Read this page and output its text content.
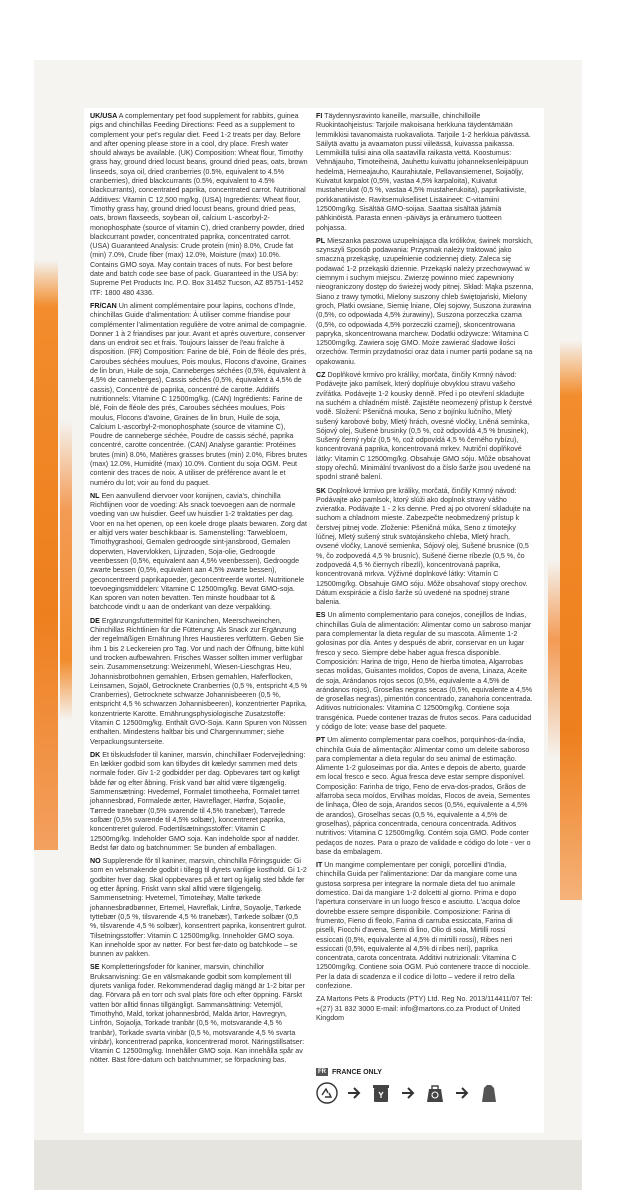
UK/USA A complementary pet food supplement for rabbits, guinea pigs and chinchillas Feeding Directions: Feed as a supplement to complement your pet's regular diet. Feed 1-2 treats per day. Before and after opening please store in a cool, dry place. Fresh water should always be available. (UK) Composition: Wheat flour, Timothy grass hay, ground dried locust beans, ground dried peas, oats, brown linseeds, soya oil, dried cranberries (0.5%, equivalent to 4.5% cranberries), dried blackcurrants (0.5%, equivalent to 4.5% blackcurrants), concentrated paprika, concentrated carrot. Nutritional Additives: Vitamin C 12,500 mg/kg. (USA) Ingredients: Wheat flour, Timothy grass hay, ground dried locust beans, ground dried peas, oats, brown flaxseeds, soybean oil, calcium L-ascorbyl-2-monophosphate (source of vitamin C), dried cranberry powder, dried blackcurrant powder, concentrated paprika, concentrated carrot. (USA) Guaranteed Analysis: Crude protein (min) 8.0%, Crude fat (min) 7.0%, Crude fiber (max) 12.0%, Moisture (max) 10.0%. Contains GMO soya. May contain traces of nuts. For best before date and batch code see base of pack. Guaranteed in the USA by: Supreme Pet Products Inc. P.O. Box 31452 Tucson, AZ 85751-1452 ITF: 1800 480 4336.

FR/CAN Un aliment complémentaire pour lapins, cochons d'Inde, chinchillas Guide d'alimentation: À utiliser comme friandise pour complémenter l'alimentation regulière de votre animal de compagnie. Donner 1 à 2 friandises par jour. Avant et après ouverture, conserver dans un endroit sec et frais. Toujours laisser de l'eau fraîche à disposition. (FR) Composition: Farine de blé, Foin de fléole des prés, Caroubes séchées moulues, Pois moulus, Flocons d'avoine, Graines de lin brun, Huile de soja, Canneberges séchées (0,5%, équivalent à 4,5% de canneberges), Cassis séchés (0,5%, équivalent à 4,5% de cassis), Concentré de paprika, concentré de carotte. Additifs nutritionnels: Vitamine C 12500mg/kg. (CAN) Ingrédients: Farine de blé, Foin de fléole des prés, Caroubes séchées moulues, Pois moulus, Flocons d'avoine, Graines de lin brun, Huile de soja, Calcium L-ascorbyl-2-monophosphate (source de vitamine C), Poudre de canneberge séchée, Poudre de cassis séché, paprika concentré, carotte concentrée. (CAN) Analyse garantie: Protéines brutes (min) 8.0%, Matières grasses brutes (min) 2.0%, Fibres brutes (max) 12.0%, Humidité (max) 10.0%. Contient du soja OGM. Peut contenir des traces de noix. A utiliser de préférence avant le et numéro du lot; voir au fond du paquet.

NL Een aanvullend diervoer voor konijnen, cavia's, chinchilla Richtlijnen voor de voeding: Als snack toevoegen aan de normale voeding van uw huisdier. Geef uw huisdier 1-2 traktaties per dag. Voor en na het openen, op een koele droge plaats bewaren. Zorg dat er altijd vers water beschikbaar is. Samenstelling: Tarwebloem, Timothygrashooi, Gemalen gedroogde sint-jansbrood, Gemalen doperwten, Havervlokken, Lijnzaden, Soja-olie, Gedroogde veenbessen (0,5%, equivalent aan 4,5% veenbessen), Gedroogde zwarte bessen (0,5%, equivalent aan 4,5% zwarte bessen), geconcentreerd paprikapoeder, geconcentreerde wortel. Nutritionele toevoegingsmiddelen: Vitamine C 12500mg/kg. Bevat GMO-soja. Kan sporen van noten bevatten. Ten minste houdbaar tot & batchcode vindt u aan de onderkant van deze verpakking.

DE Ergänzungsfuttermittel für Kaninchen, Meerschweinchen, Chinchillas Richtlinien für die Fütterung: Als Snack zur Ergänzung der regelmäßigen Ernährung Ihres Haustieres verfüttern. Geben Sie ihm 1 bis 2 Leckereien pro Tag. Vor und nach der Öffnung, bitte kühl und trocken aufbewahren. Frisches Wasser sollten immer verfügbar sein. Zusammensetzung: Weizenmehl, Wiesen-Lieschgras Heu, Johannisbrotbohnen gemahlen, Erbsen gemahlen, Haferflocken, Leinsamen, Sojaöl, Getrocknete Cranberries (0,5 %, entspricht 4,5 % Cranberries), Getrocknete schwarze Johannisbeeren (0,5 %, entspricht 4,5 % schwarzen Johannisbeeren), konzentrierter Paprika, konzentrierte Karotte. Ernährungsphysiologische Zusatzstoffe: Vitamin C 12500mg/kg. Enthält GVO-Soja. Kann Spuren von Nüssen enthalten. Mindestens haltbar bis und Chargennummer; siehe Verpackungsunterseite.

DK Et tilskudsfoder til kaniner, marsvin, chinchillaer Fodervejledning: En lækker godbid som kan tilbydes dit kæledyr sammen med dets normale foder. Giv 1-2 godbidder per dag. Opbevares tørt og køligt både før og efter åbning. Frisk vand bør altid være tilgængelig. Sammensætning: Hvedemel, Formalet timotheeha, Formalet tørret johannesbrød, Formalede ærter, Havreflager, Hørfrø, Sojaolie, Tørrede tranebær (0,5% svarende til 4,5% tranebær), Tørrede solbær (0,5% svarende til 4,5% solbær), koncentreret paprika, koncentreret gulerod. Fodertilsætningsstoffer: Vitamin C 12500mg/kg. Indeholder GMO soja. Kan indeholde spor af nødder. Bedst før dato og batchnummer: Se bunden af emballagen.

NO Supplerende fôr til kaniner, marsvin, chinchilla Fôringsguide: Gi som en velsmakende godbit i tillegg til dyrets vanlige kosthold. Gi 1-2 godbiter hver dag. Skal oppbevares på et tørt og kjølig sted både før og etter åpning. Friskt vann skal alltid være tilgjengelig. Sammensetning: Hvetemel, Timoteihøy, Malte tørkede johannesbrødbønner, Ertemel, Havreflak, Linfrø, Soyaolje, Tørkede tyttebær (0,5 %, tilsvarende 4,5 % tranebær), Tørkede solbær (0,5 %, tilsvarende 4,5 % solbær), konsentrert paprika, konsentrert gulrot. Tilsetningsstoffer: Vitamin C 12500mg/kg. Inneholder GMO soya. Kan inneholde spor av nøtter. For best før-dato og batchkode – se bunnen av pakken.

SE Kompletteringsfoder för kaniner, marsvin, chinchillor Bruksanvisning: Ge en välsmakande godbit som komplement till djurets vanliga foder. Rekommenderad daglig mängd är 1-2 bitar per dag. Förvara på en torr och sval plats före och efter öppning. Färskt vatten bör alltid finnas tillgängligt. Sammansättning: Vetemjöl, Timothyhö, Mald, torkat johannesbröd, Malda ärtor, Havregryn, Linfrön, Sojaolja, Torkade tranbär (0,5 %, motsvarande 4,5 % tranbär), Torkade svarta vinbär (0,5 %, motsvarande 4,5 % svarta vinbär), koncentrerad paprika, koncentrerad morot. Näringstillsatser: Vitamin C 12500mg/kg. Innehåller GMO soja. Kan innehålla spår av nötter. Bäst före-datum och batchnummer; se förpackning bas.

FI Täydennysravinto kaneille, marsuille, chinchilloille Ruokintaohjeistus: Tarjoile makoisana herkkuna täydentämään lemmikkisi tavanomaista ruokavaliota. Tarjoile 1-2 herkkua päivässä. Säilytä avattu ja avaamaton pussi viileässä, kuivassa paikassa. Lemmikillä tulisi aina olla saatavilla raikasta vettä. Koostumus: Vehnäjauho, Timoteiheinä, Jauhettu kuivattu johanneksenleipäpuun hedelmä, Herneajauho, Kaurahiutale, Pellavansiemenet, Soijaöljy, Kuivatut karpalot (0,5%, vastaa 4,5% karpaloita), Kuivatut mustaherukat (0,5 %, vastaa 4,5% mustaherukoita), paprikatiiviste, porkkanatiiviste. Ravitsemukselliset Lisäaineet: C-vitamiini 12500mg/kg. Sisältää GMO-soijaa. Saattaa sisältää jäämiä pähkinöistä. Parasta ennen -päiväys ja eränumero tuotteen pohjassa.

PL Mieszanka paszowa uzupełniająca dla królików, świnek morskich, szynszyli Sposób podawania: Przysmak należy traktować jako smaczną przekąskę, uzupełnienie codziennej diety. Zaleca się podawać 1-2 przekąski dziennie. Przekąski należy przechowywać w ciemnym i suchym miejscu. Zwierzę powinno mieć zapewniony nieograniczony dostęp do świeżej wody pitnej. Skład: Mąka pszenna, Siano z trawy tymotki, Mielony suszony chleb świętojański, Mielony groch, Płatki owsiane, Siemię lniane, Olej sojowy, Suszona żurawina (0,5%, co odpowiada 4,5% żurawiny), Suszona porzeczka czarna (0,5%, co odpowiada 4,5% porzeczki czarnej), skoncentrowana papryka, skoncentrowana marchew. Dodatki odżywcze: Witamina C 12500mg/kg. Zawiera soję GMO. Może zawierać śladowe ilości orzechów. Termin przydatności oraz data i numer partii podane są na opakowaniu.

CZ Doplňkové krmivo pro králíky, morčata, činčily Krmný návod: Podávejte jako pamlsek, který doplňuje obvyklou stravu vašeho zvířátka. Podávejte 1-2 kousky denně. Před i po otevření skladujte na suchém a chladném místě. Zajistěte neomezený přístup k čerstvé vodě. Složení: Pšeničná mouka, Seno z bojínku lučního, Mletý sušený karobové boby, Mletý hrách, ovesné vločky, Lněná semínka, Sójový olej, Sušené brusinky (0,5 %, což odpovídá 4,5 % brusinek), Sušený černý rybíz (0,5 %, což odpovídá 4,5 % černého rybízu), koncentrovaná paprika, koncentrovaná mrkev. Nutriční doplňkové látky: Vitamin C 12500mg/kg. Obsahuje GMO sóju. Může obsahovat stopy ořechů. Minimální trvanlivost do a číslo šarže jsou uvedené na spodní straně balení.

SK Doplnkové krmivo pre králiky, morčatá, činčily Krmný návod: Podávajte ako pamlsok, ktorý slúži ako doplnok stravy vášho zvieratka. Podávajte 1 - 2 ks denne. Pred aj po otvorení skladujte na suchom a chladnom mieste. Zabezpečte neobmedzený prístup k čerstvej pitnej vode. Zloženie: Pšeničná múka, Seno z timotejky lúčnej, Mletý sušený struk svätojánskeho chleba, Mletý hrach, ovsené vločky, Lanové semienka, Sójový olej, Sušené brusnice (0,5 %, čo zodpovedá 4,5 % brusníc), Sušené čierne ríbezle (0,5 %, čo zodpovedá 4,5 % čiernych ríbezlí), koncentrovaná paprika, koncentrovaná mrkva. Výživné doplnkové látky: Vitamín C 12500mg/kg. Obsahuje GMO sóju. Môže obsahovať stopy orechov. Dátum exspirácie a číslo šarže sú uvedené na spodnej strane balenia.

ES Un alimento complementario para conejos, conejillos de Indias, chinchillas Guía de alimentación: Alimentar como un sabroso manjar para complementar la dieta regular de su mascota. Alimente 1-2 golosinas por día. Antes y después de abrir, conservar en un lugar fresco y seco. Siempre debe haber agua fresca disponible. Composición: Harina de trigo, Heno de hierba timotea, Algarrobas secas molidas, Guisantes molidos, Copos de avena, Linaza, Aceite de soja, Arándanos rojos secos (0,5%, equivalente a 4,5% de arándanos rojos), Grosellas negras secas (0,5%, equivalente a 4,5% de grosellas negras), pimentón concentrado, zanahoria concentrada. Aditivos nutricionales: Vitamina C 12500mg/kg. Contiene soja transgénica. Puede contener trazas de frutos secos. Para caducidad y código de lote: vease base del paquete.

PT Um alimento complementar para coelhos, porquinhos-da-índia, chinchila Guia de alimentação: Alimentar como um deleite saboroso para complementar a dieta regular do seu animal de estimação. Alimente 1-2 guloseimas por dia. Antes e depois de aberto, guarde em local fresco e seco. Água fresca deve estar sempre disponível. Composição: Farinha de trigo, Feno de erva-dos-prados, Grãos de alfarroba seca moídos, Ervilhas moídas, Flocos de aveia, Sementes de linhaça, Óleo de soja, Arandos secos (0,5%, equivalente a 4,5% de arandos), Groselhas secas (0,5 %, equivalente a 4,5% de groselhas), páprica concentrada, cenoura concentrada. Aditivos nutritivos: Vitamina C 12500mg/kg. Contém soja GMO. Pode conter pedaços de nozes. Para o prazo de validade e código do lote - ver o base da embalagem.

IT Un mangime complementare per conigli, porcellini d'India, chinchilla Guida per l'alimentazione: Dar da mangiare come una gustosa sorpresa per integrare la normale dieta del tuo animale domestico. Dai da mangiare 1-2 dolcetti al giorno. Prima e dopo l'apertura conservare in un luogo fresco e asciutto. L'acqua dolce dovrebbe essere sempre disponibile. Composizione: Farina di frumento, Fieno di fleolo, Farina di carruba essiccata, Farina di piselli, Fiocchi d'avena, Semi di lino, Olio di soia, Mirtilli rossi essiccati (0,5%, equivalente al 4,5% di mirtilli rossi), Ribes neri essiccati (0,5%, equivalente al 4,5% di ribes neri), paprika concentrata, carota concentrata. Additivi nutrizionali: Vitamina C 12500mg/kg. Contiene soia OGM. Può contenere tracce di nocciole. Per la data di scadenza e il codice di lotto – vedere il retro della confezione.

ZA Martons Pets & Products (PTY) Ltd. Reg No. 2013/114411/07 Tel: +(27) 31 832 3000 E-mail: info@martons.co.za Product of United Kingdom

FR FRANCE ONLY
